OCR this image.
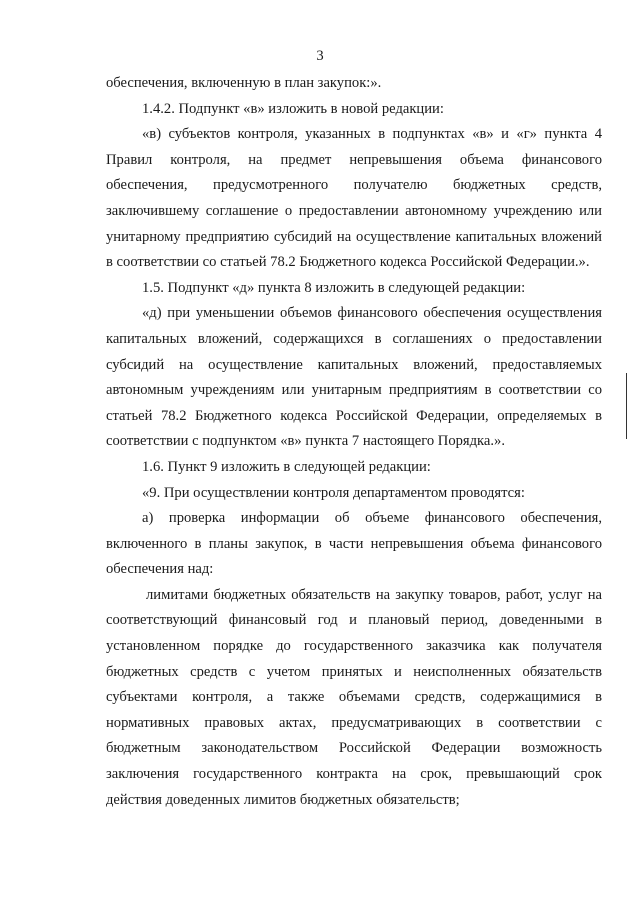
3
обеспечения, включенную в план закупок:».
1.4.2. Подпункт «в» изложить в новой редакции:
«в) субъектов контроля, указанных в подпунктах «в» и «г» пункта 4
Правил контроля, на предмет непревышения объема финансового
обеспечения, предусмотренного получателю бюджетных средств,
заключившему соглашение о предоставлении автономному учреждению или
унитарному предприятию субсидий на осуществление капитальных вложений
в соответствии со статьей 78.2 Бюджетного кодекса Российской Федерации.».
1.5. Подпункт «д» пункта 8 изложить в следующей редакции:
«д) при уменьшении объемов финансового обеспечения осуществления
капитальных вложений, содержащихся в соглашениях о предоставлении
субсидий на осуществление капитальных вложений, предоставляемых
автономным учреждениям или унитарным предприятиям в соответствии со
статьей 78.2 Бюджетного кодекса Российской Федерации, определяемых в
соответствии с подпунктом «в» пункта 7 настоящего Порядка.».
1.6. Пункт 9 изложить в следующей редакции:
«9. При осуществлении контроля департаментом проводятся:
а) проверка информации об объеме финансового обеспечения,
включенного в планы закупок, в части непревышения объема финансового
обеспечения над:
лимитами бюджетных обязательств на закупку товаров, работ, услуг на
соответствующий финансовый год и плановый период, доведенными в
установленном порядке до государственного заказчика как получателя
бюджетных средств с учетом принятых и неисполненных обязательств
субъектами контроля, а также объемами средств, содержащимися в
нормативных правовых актах, предусматривающих в соответствии с
бюджетным законодательством Российской Федерации возможность
заключения государственного контракта на срок, превышающий срок
действия доведенных лимитов бюджетных обязательств;
